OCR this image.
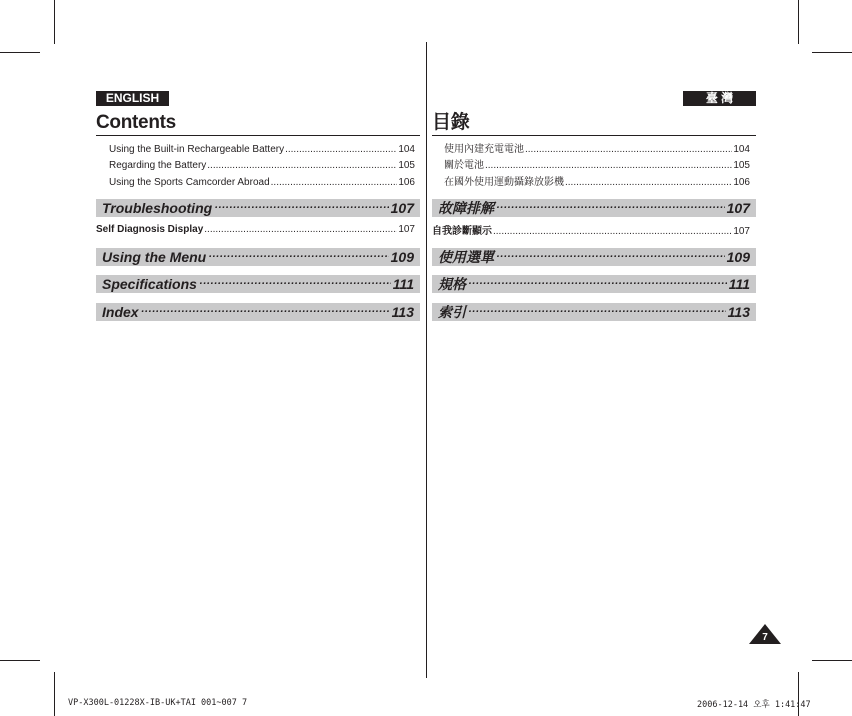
ENGLISH
Contents
Using the Built-in Rechargeable Battery .....	104
Regarding the Battery .....	105
Using the Sports Camcorder Abroad .....	106
Troubleshooting ·····	107
Self Diagnosis Display .....	107
Using the Menu ·····	109
Specifications ·····	111
Index ·····	113
臺 灣
目錄
使用內建充電電池 .....	104
關於電池 .....	105
在國外使用運動攝錄放影機 .....	106
故障排解 ·····	107
自我診斷顯示 .....	107
使用選單 ·····	109
規格 ·····	111
索引 ·····	113
7
VP-X300L-01228X-IB-UK+TAI 001~007 7	2006-12-14 오후 1:41:47
